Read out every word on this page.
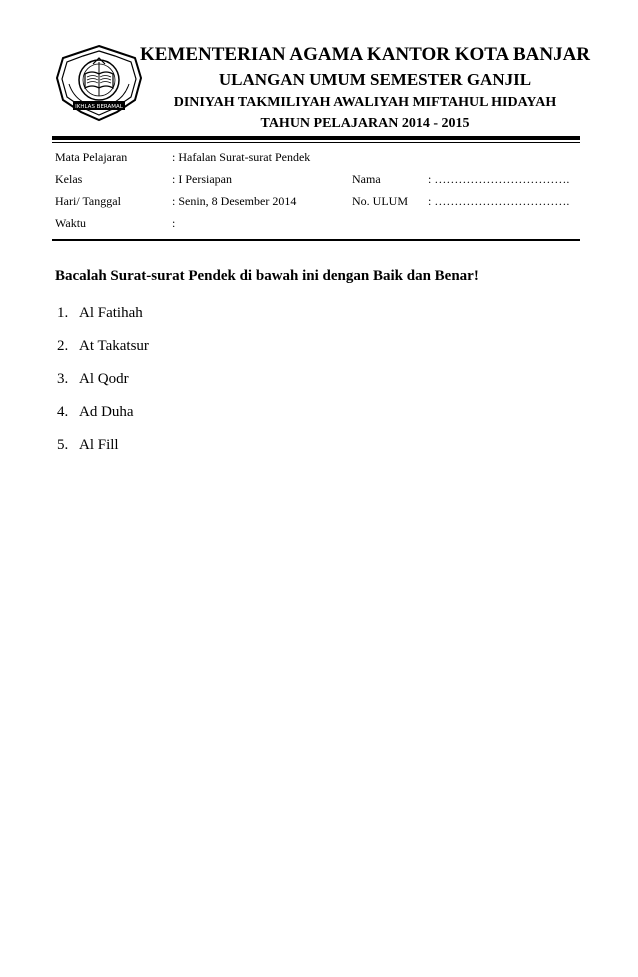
IKHLAS BERAMAL
KEMENTERIAN AGAMA KANTOR KOTA BANJAR
ULANGAN UMUM SEMESTER GANJIL
DINIYAH TAKMILIYAH AWALIYAH MIFTAHUL HIDAYAH
TAHUN PELAJARAN 2014 - 2015
Mata Pelajaran	: Hafalan Surat-surat Pendek
Kelas	: I Persiapan	Nama	: …………………………….
Hari/ Tanggal	: Senin, 8 Desember 2014	No. ULUM : …………………………….
Waktu	:
Bacalah Surat-surat Pendek di bawah ini dengan Baik dan Benar!
1. Al Fatihah
2. At Takatsur
3. Al Qodr
4. Ad Duha
5. Al Fill
